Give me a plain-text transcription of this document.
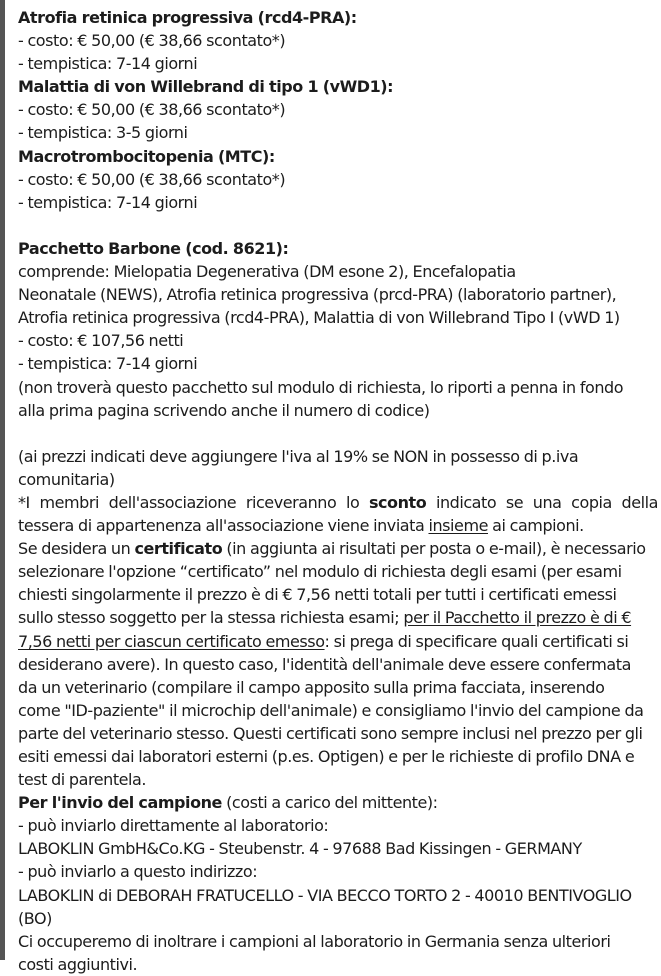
Atrofia retinica progressiva (rcd4-PRA):
- costo: € 50,00 (€ 38,66 scontato*)
- tempistica: 7-14 giorni
Malattia di von Willebrand di tipo 1 (vWD1):
- costo: € 50,00 (€ 38,66 scontato*)
- tempistica: 3-5 giorni
Macrotrombocitopenia (MTC):
- costo: € 50,00 (€ 38,66 scontato*)
- tempistica: 7-14 giorni
Pacchetto Barbone (cod. 8621):
comprende: Mielopatia Degenerativa (DM esone 2), Encefalopatia
Neonatale (NEWS), Atrofia retinica progressiva (prcd-PRA) (laboratorio partner),
Atrofia retinica progressiva (rcd4-PRA), Malattia di von Willebrand Tipo I (vWD 1)
- costo: € 107,56 netti
- tempistica: 7-14 giorni
(non troverà questo pacchetto sul modulo di richiesta, lo riporti a penna in fondo
alla prima pagina scrivendo anche il numero di codice)
(ai prezzi indicati deve aggiungere l'iva al 19% se NON in possesso di p.iva
comunitaria)
*I membri dell'associazione riceveranno lo sconto indicato se una copia della
tessera di appartenenza all'associazione viene inviata insieme ai campioni.
Se desidera un certificato (in aggiunta ai risultati per posta o e-mail), è necessario
selezionare l'opzione “certificato” nel modulo di richiesta degli esami (per esami
chiesti singolarmente il prezzo è di € 7,56 netti totali per tutti i certificati emessi
sullo stesso soggetto per la stessa richiesta esami; per il Pacchetto il prezzo è di €
7,56 netti per ciascun certificato emesso: si prega di specificare quali certificati si
desiderano avere). In questo caso, l'identità dell'animale deve essere confermata
da un veterinario (compilare il campo apposito sulla prima facciata, inserendo
come "ID-paziente" il microchip dell'animale) e consigliamo l'invio del campione da
parte del veterinario stesso. Questi certificati sono sempre inclusi nel prezzo per gli
esiti emessi dai laboratori esterni (p.es. Optigen) e per le richieste di profilo DNA e
test di parentela.
Per l'invio del campione (costi a carico del mittente):
- può inviarlo direttamente al laboratorio:
LABOKLIN GmbH&Co.KG - Steubenstr. 4 - 97688 Bad Kissingen - GERMANY
- può inviarlo a questo indirizzo:
LABOKLIN di DEBORAH FRATUCELLO - VIA BECCO TORTO 2 - 40010 BENTIVOGLIO
(BO)
Ci occuperemo di inoltrare i campioni al laboratorio in Germania senza ulteriori
costi aggiuntivi.
